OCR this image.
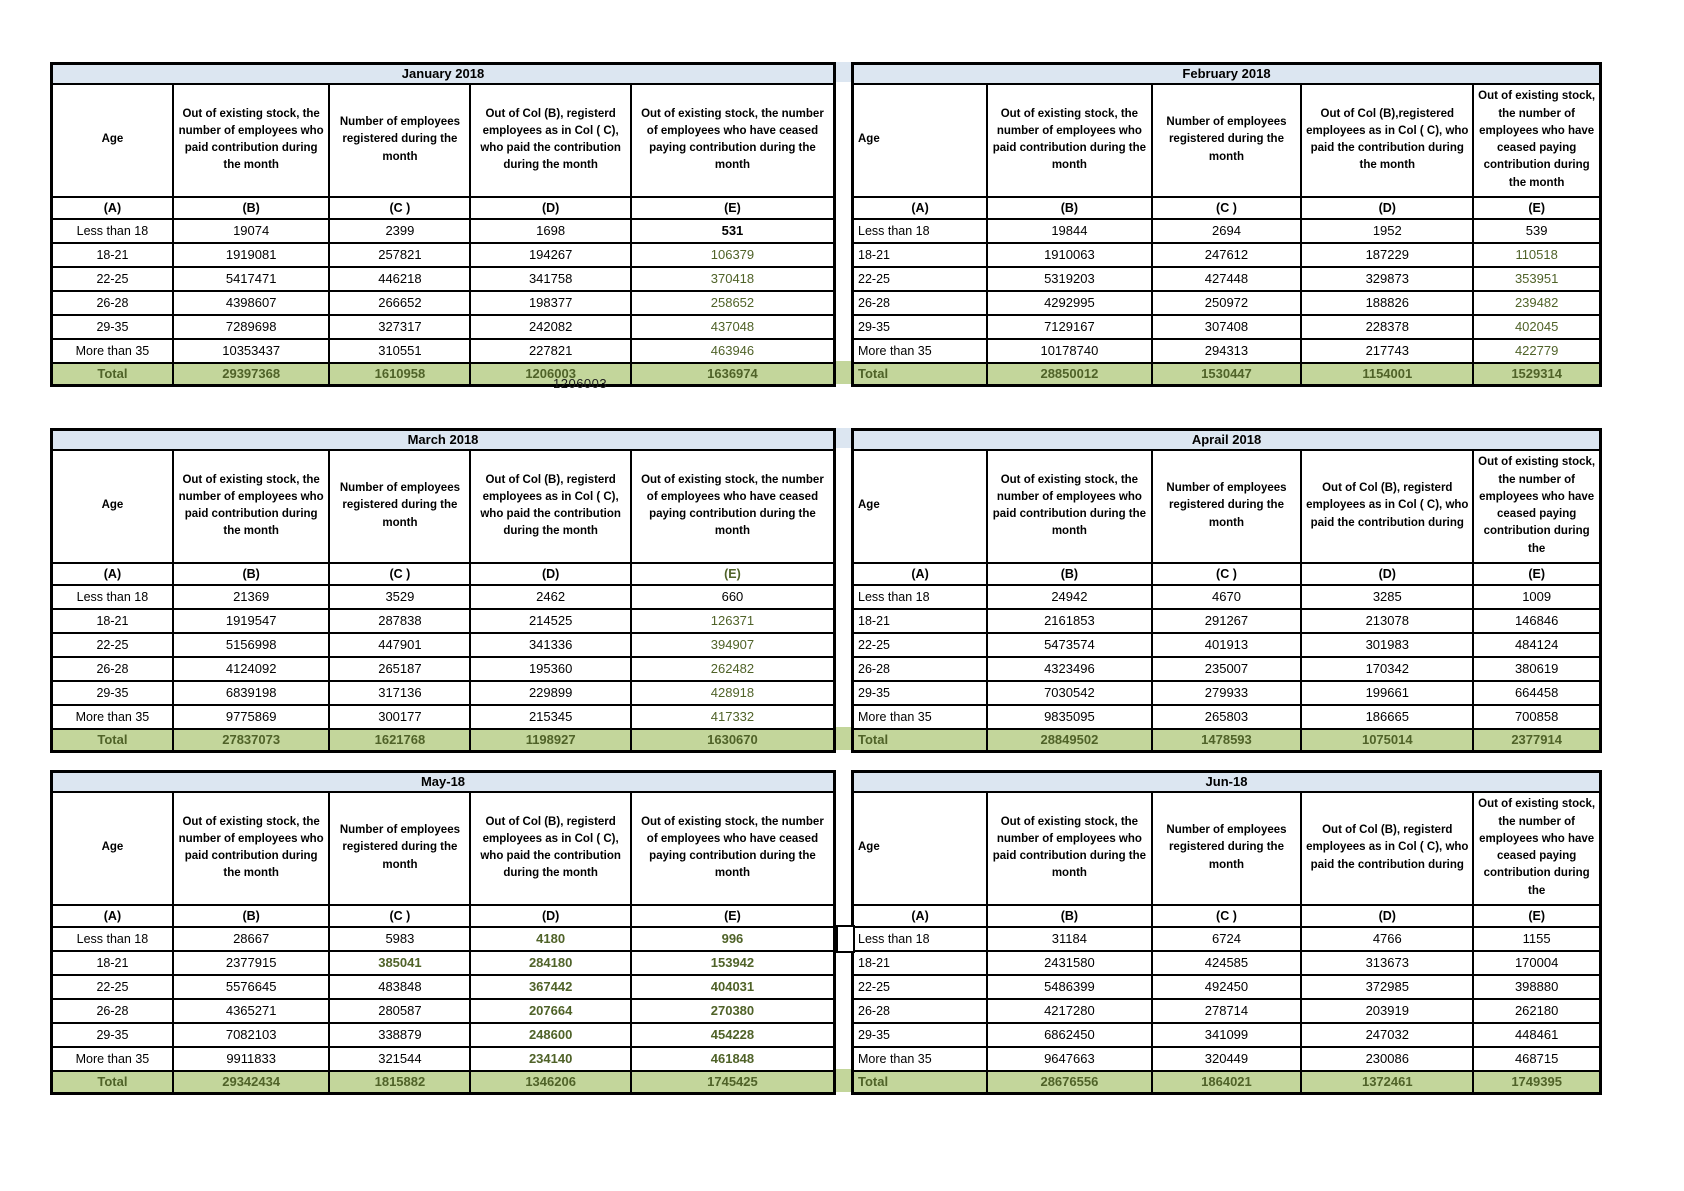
January 2018				

Age	Out of existing stock, the number of employees who paid contribution during the month	Number of employees registered during the month	Out of Col (B), registerd employees as in Col ( C), who paid the contribution during the month	Out of existing stock, the number of employees who have ceased paying contribution during the month

(A)	(B)	(C )	(D)	(E)
Less than 18	19074	2399	1698	531
18-21	1919081	257821	194267	106379
22-25	5417471	446218	341758	370418
26-28	4398607	266652	198377	258652
29-35	7289698	327317	242082	437048
More than 35	10353437	310551	227821	463946
Total	29397368	1610958	1206003	1636974
February 2018				

Age	Out of existing stock, the number of employees who paid contribution during the month	Number of employees registered during the month	Out of Col (B),registered employees as in Col ( C), who paid the contribution during the month	Out of existing stock, the number of employees who have ceased paying contribution during the month

(A)	(B)	(C )	(D)	(E)
Less than 18	19844	2694	1952	539
18-21	1910063	247612	187229	110518
22-25	5319203	427448	329873	353951
26-28	4292995	250972	188826	239482
29-35	7129167	307408	228378	402045
More than 35	10178740	294313	217743	422779
Total	28850012	1530447	1154001	1529314
March 2018				

Age	Out of existing stock, the number of employees who paid contribution during the month	Number of employees registered during the month	Out of Col (B), registerd employees as in Col ( C), who paid the contribution during the month	Out of existing stock, the number of employees who have ceased paying contribution during the month

(A)	(B)	(C )	(D)	(E)
Less than 18	21369	3529	2462	660
18-21	1919547	287838	214525	126371
22-25	5156998	447901	341336	394907
26-28	4124092	265187	195360	262482
29-35	6839198	317136	229899	428918
More than 35	9775869	300177	215345	417332
Total	27837073	1621768	1198927	1630670
Aprail 2018				

Age	Out of existing stock, the number of employees who paid contribution during the month	Number of employees registered during the month	Out of Col (B), registerd employees as in Col ( C), who paid the contribution during	Out of existing stock, the number of employees who have ceased paying contribution during the

(A)	(B)	(C )	(D)	(E)
Less than 18	24942	4670	3285	1009
18-21	2161853	291267	213078	146846
22-25	5473574	401913	301983	484124
26-28	4323496	235007	170342	380619
29-35	7030542	279933	199661	664458
More than 35	9835095	265803	186665	700858
Total	28849502	1478593	1075014	2377914
May-18				

Age	Out of existing stock, the number of employees who paid contribution during the month	Number of employees registered during the month	Out of Col (B), registerd employees as in Col ( C), who paid the contribution during the month	Out of existing stock, the number of employees who have ceased paying contribution during the month

(A)	(B)	(C )	(D)	(E)
Less than 18	28667	5983	4180	996
18-21	2377915	385041	284180	153942
22-25	5576645	483848	367442	404031
26-28	4365271	280587	207664	270380
29-35	7082103	338879	248600	454228
More than 35	9911833	321544	234140	461848
Total	29342434	1815882	1346206	1745425
Jun-18				

Age	Out of existing stock, the number of employees who paid contribution during the month	Number of employees registered during the month	Out of Col (B), registerd employees as in Col ( C), who paid the contribution during	Out of existing stock, the number of employees who have ceased paying contribution during the

(A)	(B)	(C )	(D)	(E)
Less than 18	31184	6724	4766	1155
18-21	2431580	424585	313673	170004
22-25	5486399	492450	372985	398880
26-28	4217280	278714	203919	262180
29-35	6862450	341099	247032	448461
More than 35	9647663	320449	230086	468715
Total	28676556	1864021	1372461	1749395
1206003
